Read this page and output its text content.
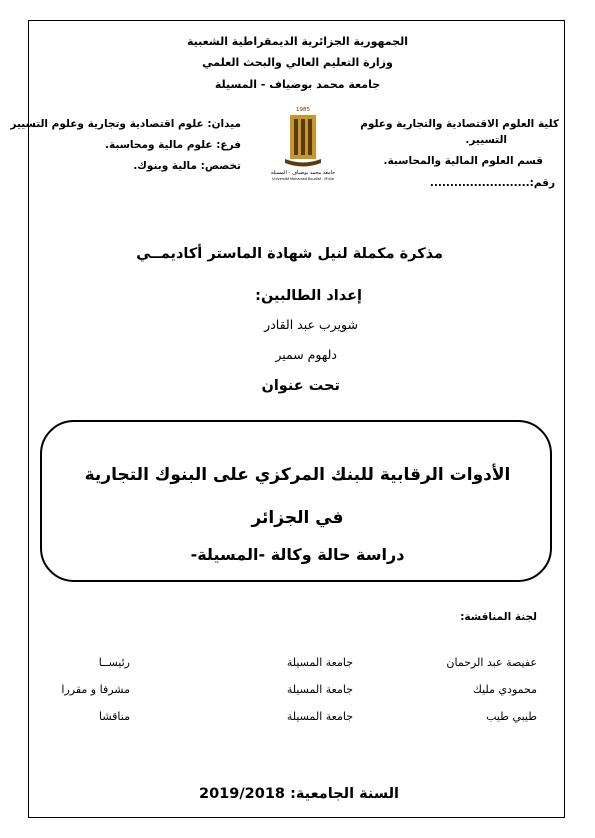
الجمهورية الجزائرية الديمقراطية الشعبية
وزارة التعليم العالي والبحث العلمي
جامعة محمد بوضياف - المسيلة
كلية العلوم الاقتصادية والتجارية وعلوم
التسيير.
قسم العلوم المالية والمحاسبة.
رقم:.........................
ميدان: علوم اقتصادية وتجارية وعلوم التسيير
فرع: علوم مالية ومحاسبة.
تخصص: مالية وبنوك.
1985
جامعة محمد بوضياف - المسيلة
Université Mohamed Boudiaf - M'sila
مذكرة مكملة لنيل شهادة الماستر أكاديمــي
إعداد الطالبين:
شويرب عبد القادر
دلهوم سمير
تحت عنوان
الأدوات الرقابية للبنك المركزي على البنوك التجارية
في الجزائر
دراسة حالة وكالة -المسيلة-
لجنة المناقشة:
عفيصة عبد الرحمان
جامعة المسيلة
رئيســا
محمودي مليك
جامعة المسيلة
مشرفا و مقررا
طيبي طيب
جامعة المسيلة
مناقشا
السنة الجامعية: 2019/2018
